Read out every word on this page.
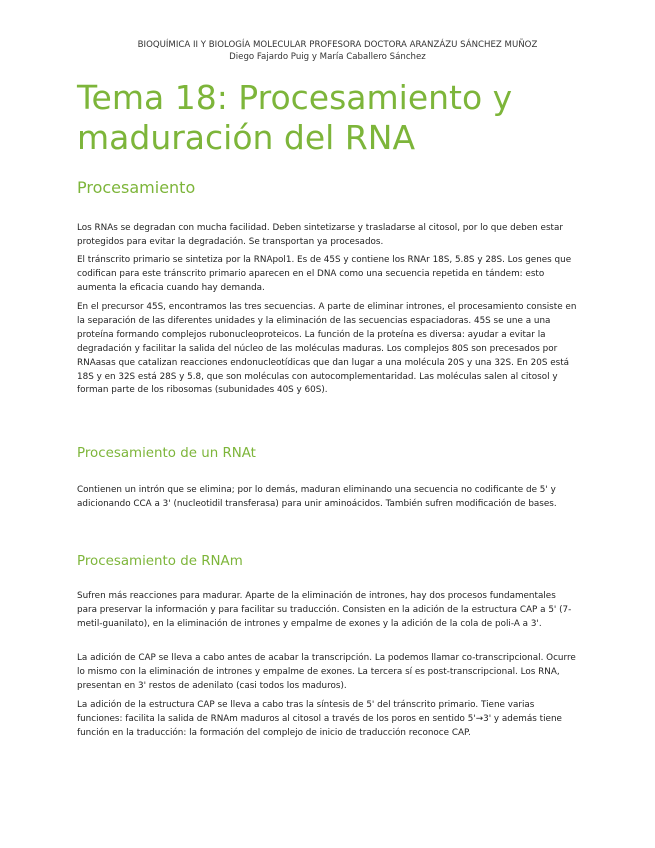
BIOQUÍMICA II Y BIOLOGÍA MOLECULAR PROFESORA DOCTORA ARANZÁZU SÁNCHEZ MUÑOZ
Diego Fajardo Puig y María Caballero Sánchez
Tema 18: Procesamiento y maduración del RNA
Procesamiento

Los RNAs se degradan con mucha facilidad. Deben sintetizarse y trasladarse al citosol, por lo que deben estar protegidos para evitar la degradación. Se transportan ya procesados.

El tránscrito primario se sintetiza por la RNApol1. Es de 45S y contiene los RNAr 18S, 5.8S y 28S. Los genes que codifican para este tránscrito primario aparecen en el DNA como una secuencia repetida en tándem: esto aumenta la eficacia cuando hay demanda.

En el precursor 45S, encontramos las tres secuencias. A parte de eliminar intrones, el procesamiento consiste en la separación de las diferentes unidades y la eliminación de las secuencias espaciadoras. 45S se une a una proteína formando complejos rubonucleoproteicos. La función de la proteína es diversa: ayudar a evitar la degradación y facilitar la salida del núcleo de las moléculas maduras. Los complejos 80S son precesados por RNAasas que catalizan reacciones endonucleotídicas que dan lugar a una molécula 20S y una 32S. En 20S está 18S y en 32S está 28S y 5.8, que son moléculas con autocomplementaridad. Las moléculas salen al citosol y forman parte de los ribosomas (subunidades 40S y 60S).

Procesamiento de un RNAt

Contienen un intrón que se elimina; por lo demás, maduran eliminando una secuencia no codificante de 5' y adicionando CCA a 3' (nucleotidil transferasa) para unir aminoácidos. También sufren modificación de bases.

Procesamiento de RNAm

Sufren más reacciones para madurar. Aparte de la eliminación de intrones, hay dos procesos fundamentales para preservar la información y para facilitar su traducción. Consisten en la adición de la estructura CAP a 5' (7-metil-guanilato), en la eliminación de intrones y empalme de exones y la adición de la cola de poli-A a 3'.

La adición de CAP se lleva a cabo antes de acabar la transcripción. La podemos llamar co-transcripcional. Ocurre lo mismo con la eliminación de intrones y empalme de exones. La tercera sí es post-transcripcional. Los RNA, presentan en 3' restos de adenilato (casi todos los maduros).

La adición de la estructura CAP se lleva a cabo tras la síntesis de 5' del tránscrito primario. Tiene varias funciones: facilita la salida de RNAm maduros al citosol a través de los poros en sentido 5'→3' y además tiene función en la traducción: la formación del complejo de inicio de traducción reconoce CAP.
